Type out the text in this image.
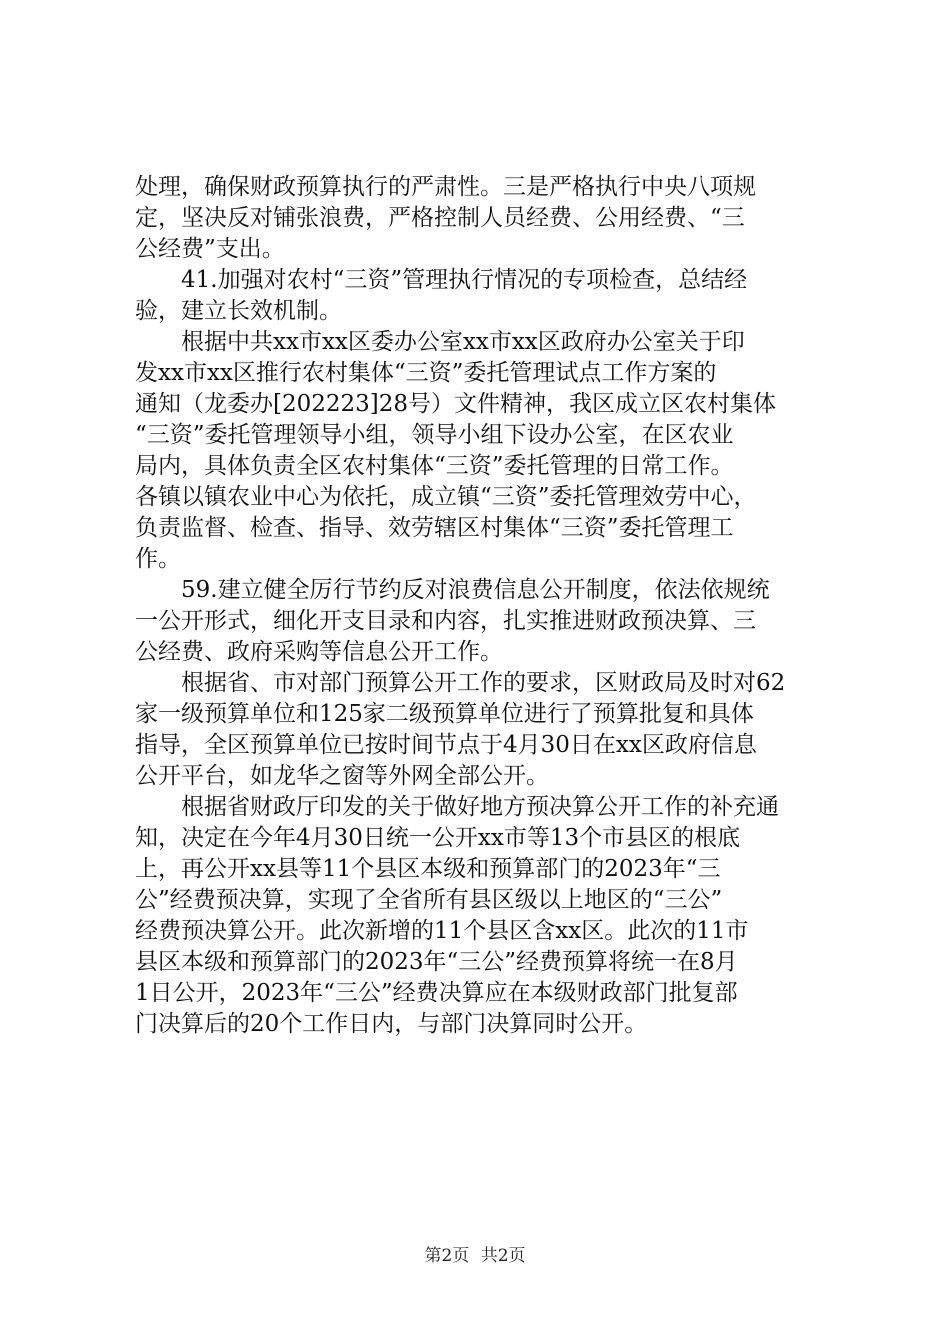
处理，确保财政预算执行的严肃性。三是严格执行中央八项规
定，坚决反对铺张浪费，严格控制人员经费、公用经费、“三
公经费”支出。
41.加强对农村“三资”管理执行情况的专项检查，总结经
验，建立长效机制。
根据中共xx市xx区委办公室xx市xx区政府办公室关于印
发xx市xx区推行农村集体“三资”委托管理试点工作方案的
通知（龙委办[202223]28号）文件精神，我区成立区农村集体
“三资”委托管理领导小组，领导小组下设办公室，在区农业
局内，具体负责全区农村集体“三资”委托管理的日常工作。
各镇以镇农业中心为依托，成立镇“三资”委托管理效劳中心，
负责监督、检查、指导、效劳辖区村集体“三资”委托管理工
作。
59.建立健全厉行节约反对浪费信息公开制度，依法依规统
一公开形式，细化开支目录和内容，扎实推进财政预决算、三
公经费、政府采购等信息公开工作。
根据省、市对部门预算公开工作的要求，区财政局及时对62
家一级预算单位和125家二级预算单位进行了预算批复和具体
指导，全区预算单位已按时间节点于4月30日在xx区政府信息
公开平台，如龙华之窗等外网全部公开。
根据省财政厅印发的关于做好地方预决算公开工作的补充通
知，决定在今年4月30日统一公开xx市等13个市县区的根底
上，再公开xx县等11个县区本级和预算部门的2023年“三
公”经费预决算，实现了全省所有县区级以上地区的“三公”
经费预决算公开。此次新增的11个县区含xx区。此次的11市
县区本级和预算部门的2023年“三公”经费预算将统一在8月
1日公开，2023年“三公”经费决算应在本级财政部门批复部
门决算后的20个工作日内，与部门决算同时公开。
第2页 共2页
